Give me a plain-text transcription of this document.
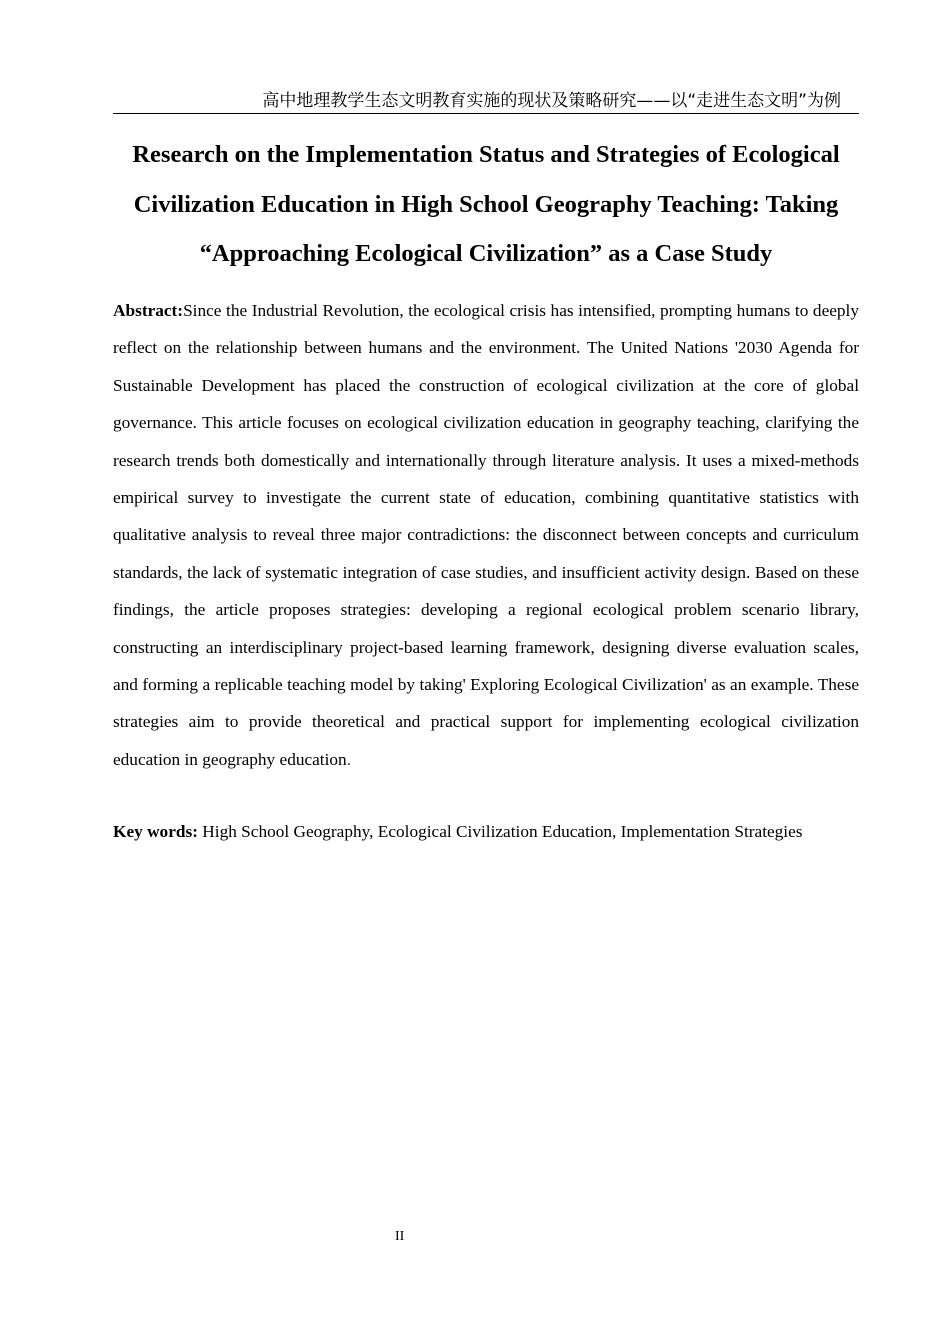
高中地理教学生态文明教育实施的现状及策略研究——以“走进生态文明”为例
Research on the Implementation Status and Strategies of Ecological
Civilization Education in High School Geography Teaching: Taking
“Approaching Ecological Civilization” as a Case Study

Abstract:Since the Industrial Revolution, the ecological crisis has intensified, prompting humans to deeply reflect on the relationship between humans and the environment. The United Nations '2030 Agenda for Sustainable Development has placed the construction of ecological civilization at the core of global governance. This article focuses on ecological civilization education in geography teaching, clarifying the research trends both domestically and internationally through literature analysis. It uses a mixed-methods empirical survey to investigate the current state of education, combining quantitative statistics with qualitative analysis to reveal three major contradictions: the disconnect between concepts and curriculum standards, the lack of systematic integration of case studies, and insufficient activity design. Based on these findings, the article proposes strategies: developing a regional ecological problem scenario library, constructing an interdisciplinary project-based learning framework, designing diverse evaluation scales, and forming a replicable teaching model by taking' Exploring Ecological Civilization' as an example. These strategies aim to provide theoretical and practical support for implementing ecological civilization education in geography education.

Key words: High School Geography, Ecological Civilization Education, Implementation Strategies

II
